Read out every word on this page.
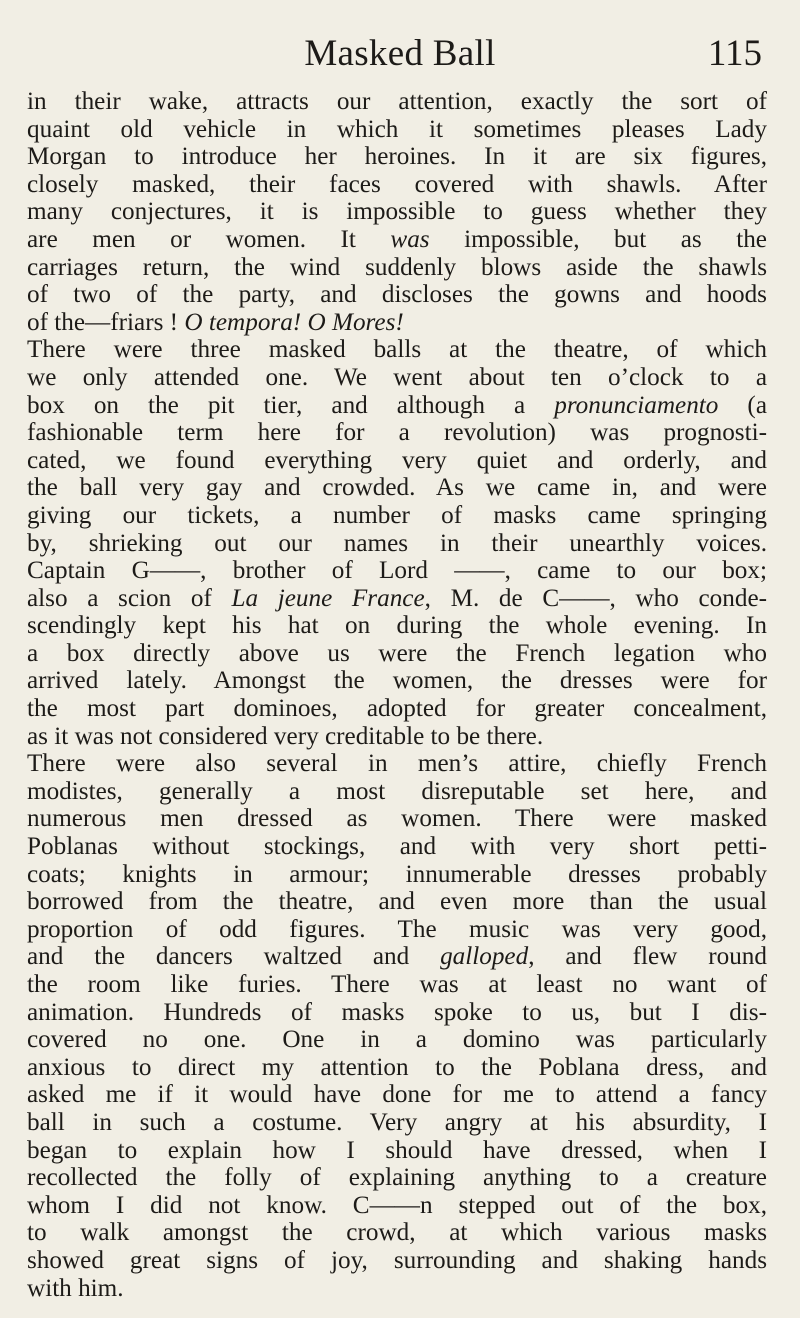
Masked Ball	115
in their wake, attracts our attention, exactly the sort of
quaint old vehicle in which it sometimes pleases Lady
Morgan to introduce her heroines. In it are six figures,
closely masked, their faces covered with shawls. After
many conjectures, it is impossible to guess whether they
are men or women. It was impossible, but as the
carriages return, the wind suddenly blows aside the shawls
of two of the party, and discloses the gowns and hoods
of the—friars ! O tempora! O Mores!
There were three masked balls at the theatre, of which
we only attended one. We went about ten o’clock to a
box on the pit tier, and although a pronunciamento (a
fashionable term here for a revolution) was prognosti-
cated, we found everything very quiet and orderly, and
the ball very gay and crowded. As we came in, and were
giving our tickets, a number of masks came springing
by, shrieking out our names in their unearthly voices.
Captain G——, brother of Lord ——, came to our box;
also a scion of La jeune France, M. de C——, who conde-
scendingly kept his hat on during the whole evening. In
a box directly above us were the French legation who
arrived lately. Amongst the women, the dresses were for
the most part dominoes, adopted for greater concealment,
as it was not considered very creditable to be there.
There were also several in men’s attire, chiefly French
modistes, generally a most disreputable set here, and
numerous men dressed as women. There were masked
Poblanas without stockings, and with very short petti-
coats; knights in armour; innumerable dresses probably
borrowed from the theatre, and even more than the usual
proportion of odd figures. The music was very good,
and the dancers waltzed and galloped, and flew round
the room like furies. There was at least no want of
animation. Hundreds of masks spoke to us, but I dis-
covered no one. One in a domino was particularly
anxious to direct my attention to the Poblana dress, and
asked me if it would have done for me to attend a fancy
ball in such a costume. Very angry at his absurdity, I
began to explain how I should have dressed, when I
recollected the folly of explaining anything to a creature
whom I did not know. C——n stepped out of the box,
to walk amongst the crowd, at which various masks
showed great signs of joy, surrounding and shaking hands
with him.
